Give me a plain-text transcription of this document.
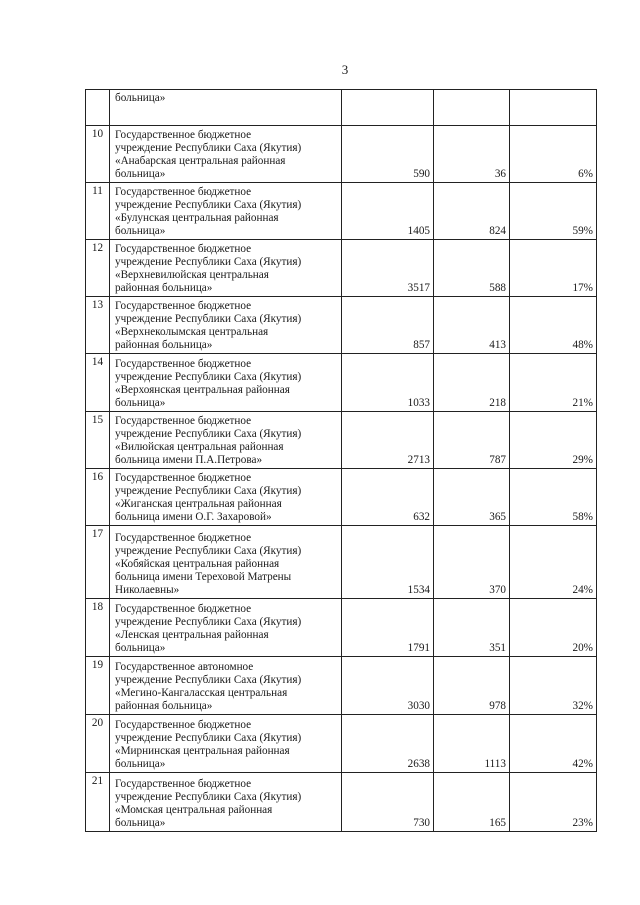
3

	больница»			

10	Государственное бюджетное
учреждение Республики Саха (Якутия)
«Анабарская центральная районная
больница»	590	36	6%
11	Государственное бюджетное
учреждение Республики Саха (Якутия)
«Булунская центральная районная
больница»	1405	824	59%
12	Государственное бюджетное
учреждение Республики Саха (Якутия)
«Верхневилюйская центральная
районная больница»	3517	588	17%
13	Государственное бюджетное
учреждение Республики Саха (Якутия)
«Верхнеколымская центральная
районная больница»	857	413	48%
14	Государственное бюджетное
учреждение Республики Саха (Якутия)
«Верхоянская центральная районная
больница»	1033	218	21%
15	Государственное бюджетное
учреждение Республики Саха (Якутия)
«Вилюйская центральная районная
больница имени П.А.Петрова»	2713	787	29%
16	Государственное бюджетное
учреждение Республики Саха (Якутия)
«Жиганская центральная районная
больница имени О.Г. Захаровой»	632	365	58%
17	Государственное бюджетное
учреждение Республики Саха (Якутия)
«Кобяйская центральная районная
больница имени Тереховой Матрены
Николаевны»	1534	370	24%
18	Государственное бюджетное
учреждение Республики Саха (Якутия)
«Ленская центральная районная
больница»	1791	351	20%
19	Государственное автономное
учреждение Республики Саха (Якутия)
«Мегино-Кангаласская центральная
районная больница»	3030	978	32%
20	Государственное бюджетное
учреждение Республики Саха (Якутия)
«Мирнинская центральная районная
больница»	2638	1113	42%
21	Государственное бюджетное
учреждение Республики Саха (Якутия)
«Момская центральная районная
больница»	730	165	23%
